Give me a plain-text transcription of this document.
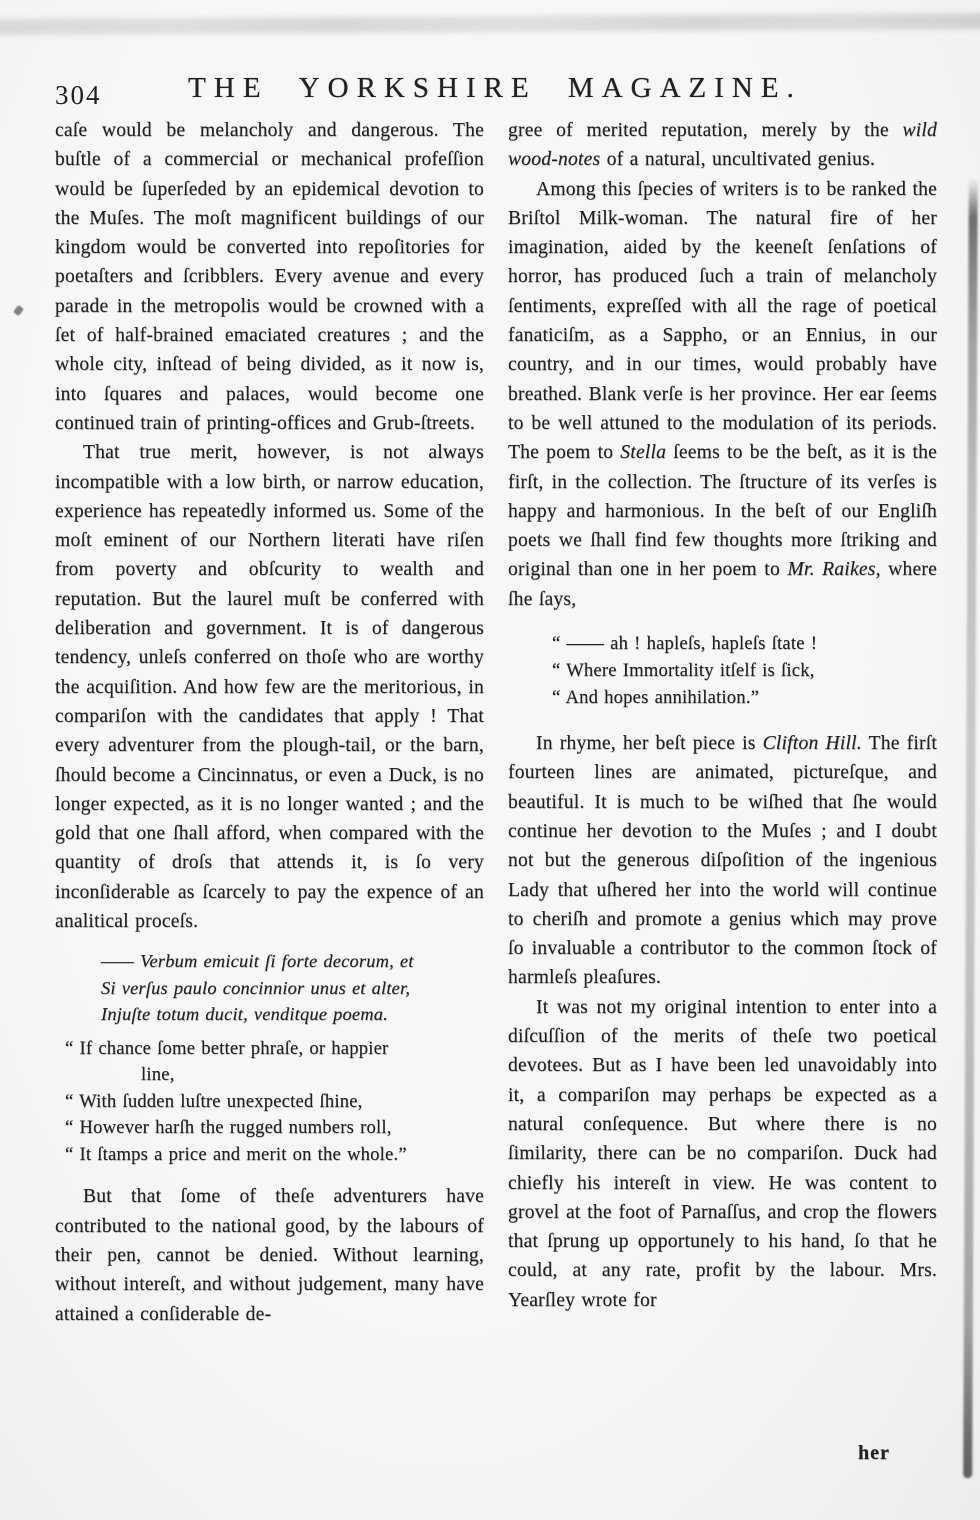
304	THE YORKSHIRE MAGAZINE.

caſe would be melancholy and dangerous. The buſtle of a commercial or mechanical profeſſion would be ſuperſeded by an epidemical devotion to the Muſes. The moſt magnificent buildings of our kingdom would be converted into repoſitories for poetaſters and ſcribblers. Every avenue and every parade in the metropolis would be crowned with a ſet of half-brained emaciated creatures ; and the whole city, inſtead of being divided, as it now is, into ſquares and palaces, would become one continued train of printing-offices and Grub-ſtreets.

That true merit, however, is not always incompatible with a low birth, or narrow education, experience has repeatedly informed us. Some of the moſt eminent of our Northern literati have riſen from poverty and obſcurity to wealth and reputation. But the laurel muſt be conferred with deliberation and government. It is of dangerous tendency, unleſs conferred on thoſe who are worthy the acquiſition. And how few are the meritorious, in compariſon with the candidates that apply ! That every adventurer from the plough-tail, or the barn, ſhould become a Cincinnatus, or even a Duck, is no longer expected, as it is no longer wanted ; and the gold that one ſhall afford, when compared with the quantity of droſs that attends it, is ſo very inconſiderable as ſcarcely to pay the expence of an analitical proceſs.

—— Verbum emicuit ſi forte decorum, et
Si verſus paulo concinnior unus et alter,
Injuſte totum ducit, venditque poema.
“ If chance ſome better phraſe, or happier
line,
“ With ſudden luſtre unexpected ſhine,
“ However harſh the rugged numbers roll,
“ It ſtamps a price and merit on the whole.”

But that ſome of theſe adventurers have contributed to the national good, by the labours of their pen, cannot be denied. Without learning, without intereſt, and without judgement, many have attained a conſiderable de-

gree of merited reputation, merely by the wild wood-notes of a natural, uncultivated genius.

Among this ſpecies of writers is to be ranked the Briſtol Milk-woman. The natural fire of her imagination, aided by the keeneſt ſenſations of horror, has produced ſuch a train of melancholy ſentiments, expreſſed with all the rage of poetical fanaticiſm, as a Sappho, or an Ennius, in our country, and in our times, would probably have breathed. Blank verſe is her province. Her ear ſeems to be well attuned to the modulation of its periods. The poem to Stella ſeems to be the beſt, as it is the firſt, in the collection. The ſtructure of its verſes is happy and harmonious. In the beſt of our Engliſh poets we ſhall find few thoughts more ſtriking and original than one in her poem to Mr. Raikes, where ſhe ſays,

“ —— ah ! hapleſs, hapleſs ſtate !
“ Where Immortality itſelf is ſick,
“ And hopes annihilation.”

In rhyme, her beſt piece is Clifton Hill. The firſt fourteen lines are animated, pictureſque, and beautiful. It is much to be wiſhed that ſhe would continue her devotion to the Muſes ; and I doubt not but the generous diſpoſition of the ingenious Lady that uſhered her into the world will continue to cheriſh and promote a genius which may prove ſo invaluable a contributor to the common ſtock of harmleſs pleaſures.

It was not my original intention to enter into a diſcuſſion of the merits of theſe two poetical devotees. But as I have been led unavoidably into it, a compariſon may perhaps be expected as a natural conſequence. But where there is no ſimilarity, there can be no compariſon. Duck had chiefly his intereſt in view. He was content to grovel at the foot of Parnaſſus, and crop the flowers that ſprung up opportunely to his hand, ſo that he could, at any rate, profit by the labour. Mrs. Yearſley wrote for

her
